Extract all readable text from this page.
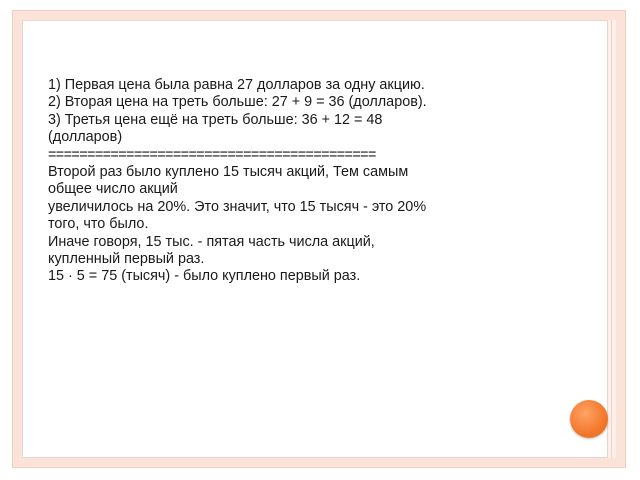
1) Первая цена была равна 27 долларов за одну акцию.
2) Вторая цена на треть больше: 27 + 9 = 36 (долларов).
3) Третья цена ещё на треть больше: 36 + 12 = 48
(долларов)
==========================================
Второй раз было куплено 15 тысяч акций, Тем самым
общее число акций
увеличилось на 20%. Это значит, что 15 тысяч - это 20%
того, что было.
Иначе говоря, 15 тыс. - пятая часть числа акций,
купленный первый раз.
15 · 5 = 75 (тысяч) - было куплено первый раз.
